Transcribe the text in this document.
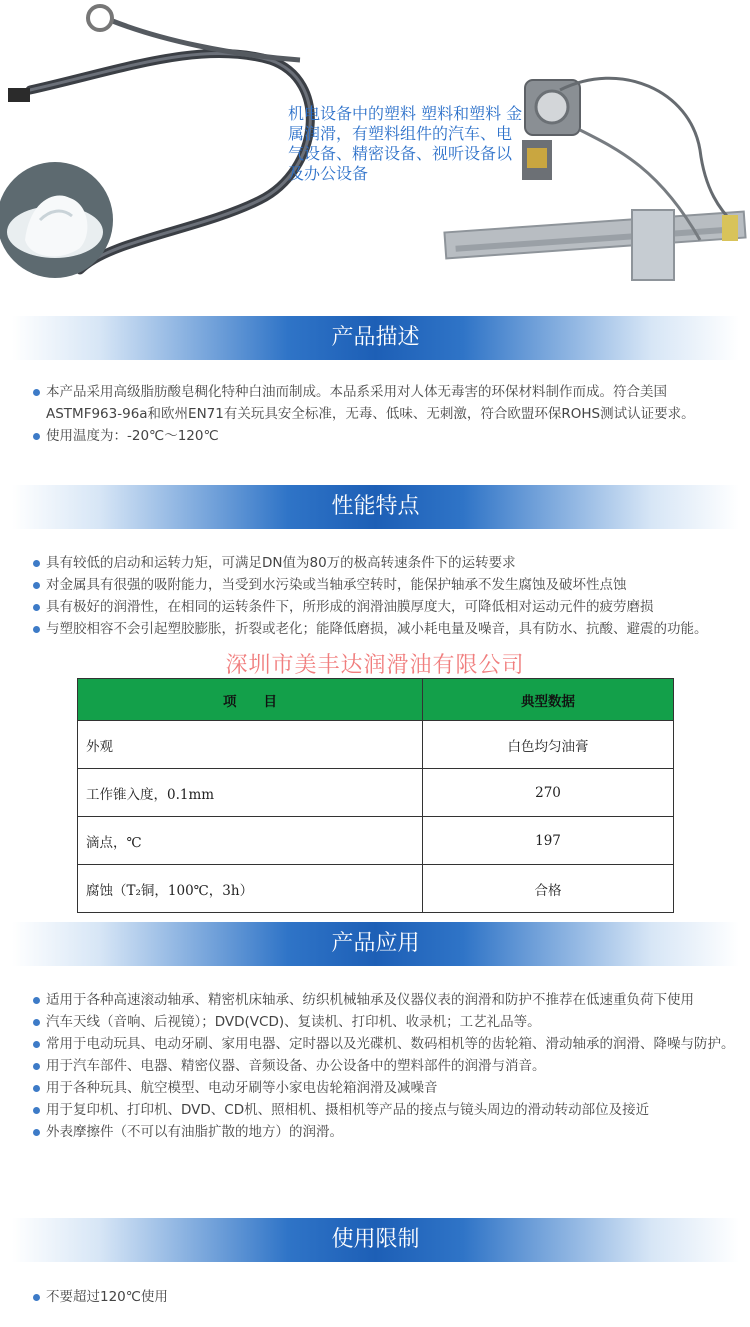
机电设备中的塑料 塑料和塑料 金属润滑，有塑料组件的汽车、电气设备、精密设备、视听设备以及办公设备
产品描述
本产品采用高级脂肪酸皂稠化特种白油而制成。本品系采用对人体无毒害的环保材料制作而成。符合美国ASTMF963-96a和欧州EN71有关玩具安全标准，无毒、低味、无刺激，符合欧盟环保ROHS测试认证要求。
使用温度为：-20℃～120℃
性能特点
具有较低的启动和运转力矩，可满足DN值为80万的极高转速条件下的运转要求
对金属具有很强的吸附能力，当受到水污染或当轴承空转时，能保护轴承不发生腐蚀及破坏性点蚀
具有极好的润滑性，在相同的运转条件下，所形成的润滑油膜厚度大，可降低相对运动元件的疲劳磨损
与塑胶相容不会引起塑胶膨胀，折裂或老化；能降低磨损，减小耗电量及噪音，具有防水、抗酸、避震的功能。
深圳市美丰达润滑油有限公司
项　　目	典型数据
外观	白色均匀油膏
工作锥入度，0.1mm	270
滴点，℃	197
腐蚀（T₂铜，100℃，3h）	合格
产品应用
适用于各种高速滚动轴承、精密机床轴承、纺织机械轴承及仪器仪表的润滑和防护不推荐在低速重负荷下使用
汽车天线（音响、后视镜）；DVD(VCD)、复读机、打印机、收录机；工艺礼品等。
常用于电动玩具、电动牙刷、家用电器、定时器以及光碟机、数码相机等的齿轮箱、滑动轴承的润滑、降噪与防护。
用于汽车部件、电器、精密仪器、音频设备、办公设备中的塑料部件的润滑与消音。
用于各种玩具、航空模型、电动牙刷等小家电齿轮箱润滑及减噪音
用于复印机、打印机、DVD、CD机、照相机、摄相机等产品的接点与镜头周边的滑动转动部位及接近
外表摩擦件（不可以有油脂扩散的地方）的润滑。
使用限制
不要超过120℃使用
